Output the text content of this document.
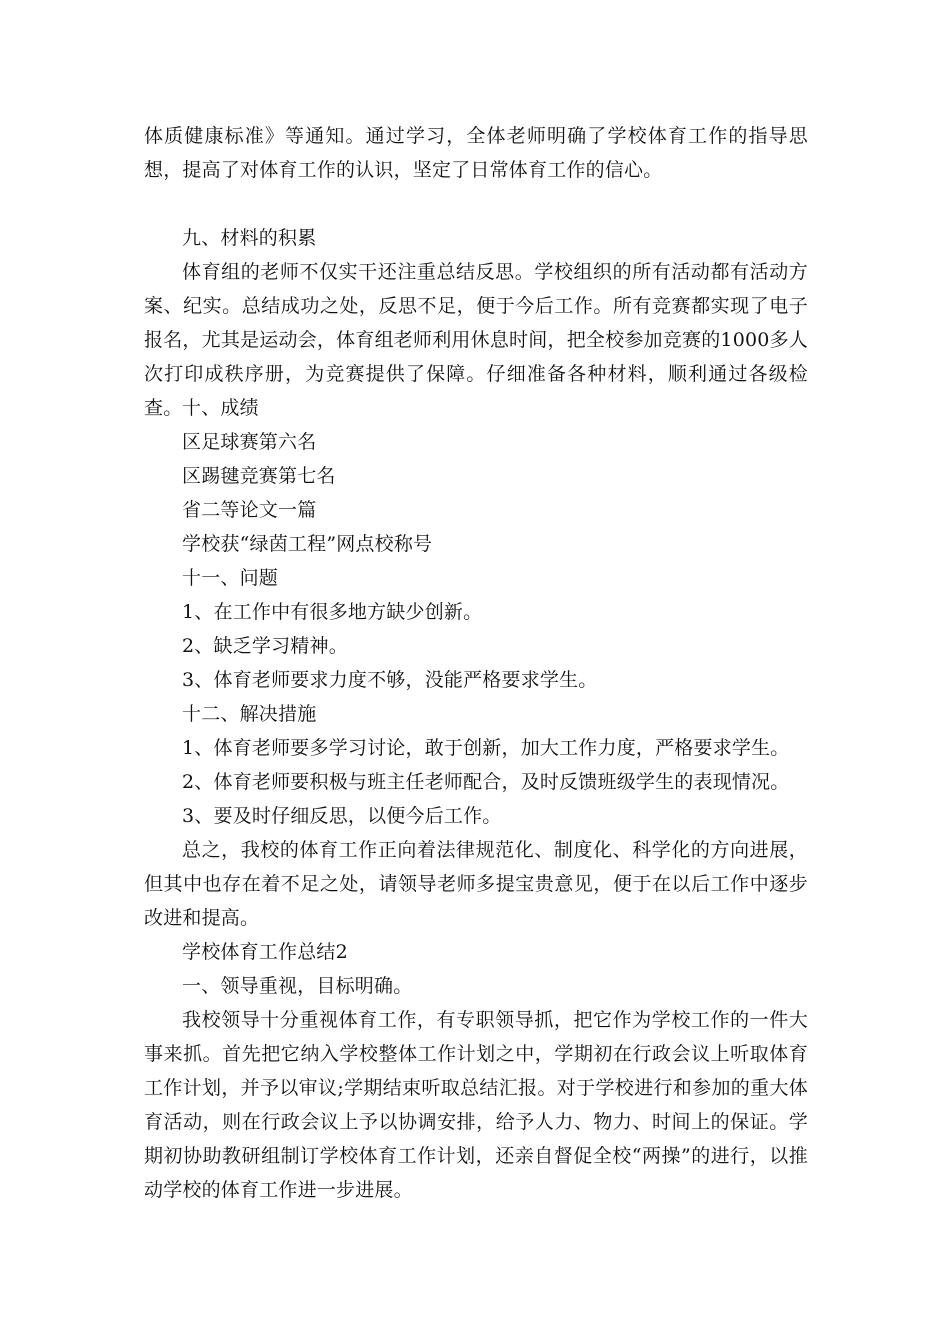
体质健康标准》等通知。通过学习，全体老师明确了学校体育工作的指导思想，提高了对体育工作的认识，坚定了日常体育工作的信心。

九、材料的积累

体育组的老师不仅实干还注重总结反思。学校组织的所有活动都有活动方案、纪实。总结成功之处，反思不足，便于今后工作。所有竞赛都实现了电子报名，尤其是运动会，体育组老师利用休息时间，把全校参加竞赛的1000多人次打印成秩序册，为竞赛提供了保障。仔细准备各种材料，顺利通过各级检查。 十、成绩

区足球赛第六名

区踢毽竞赛第七名

省二等论文一篇

学校获“绿茵工程”网点校称号

十一、问题

1、在工作中有很多地方缺少创新。

2、缺乏学习精神。

3、体育老师要求力度不够，没能严格要求学生。

十二、解决措施

1、体育老师要多学习讨论，敢于创新，加大工作力度，严格要求学生。

2、体育老师要积极与班主任老师配合，及时反馈班级学生的表现情况。

3、要及时仔细反思，以便今后工作。

总之，我校的体育工作正向着法律规范化、制度化、科学化的方向进展，但其中也存在着不足之处，请领导老师多提宝贵意见，便于在以后工作中逐步改进和提高。

学校体育工作总结2

一、领导重视，目标明确。

我校领导十分重视体育工作，有专职领导抓，把它作为学校工作的一件大事来抓。首先把它纳入学校整体工作计划之中，学期初在行政会议上听取体育工作计划，并予以审议;学期结束听取总结汇报。对于学校进行和参加的重大体育活动，则在行政会议上予以协调安排，给予人力、物力、时间上的保证。学期初协助教研组制订学校体育工作计划，还亲自督促全校“两操”的进行，以推动学校的体育工作进一步进展。
